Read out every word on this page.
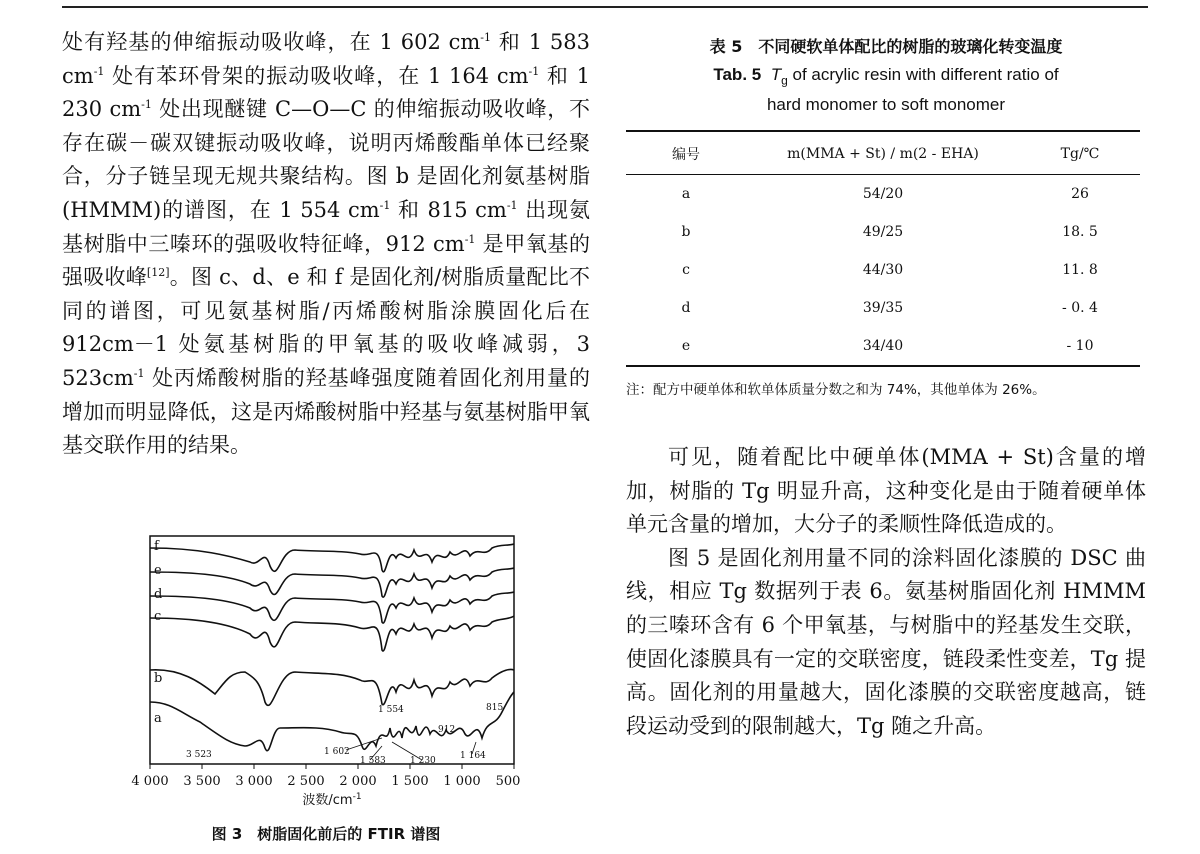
处有羟基的伸缩振动吸收峰，在 1 602 $cm^{-1}$ 和 1 583 $cm^{-1}$ 处有苯环骨架的振动吸收峰，在 1 164 $cm^{-1}$ 和 1 230 $cm^{-1}$ 处出现醚键 C—O—C 的伸缩振动吸收峰，不存在碳－碳双键振动吸收峰，说明丙烯酸酯单体已经聚合，分子链呈现无规共聚结构。图 b 是固化剂氨基树脂(HMMM)的谱图，在 1 554 $cm^{-1}$ 和 815 $cm^{-1}$ 出现氨基树脂中三嗪环的强吸收特征峰，912 $cm^{-1}$ 是甲氧基的强吸收峰[12]。图 c、d、e 和 f 是固化剂/树脂质量配比不同的谱图，可见氨基树脂/丙烯酸树脂涂膜固化后在 912cm－1 处氨基树脂的甲氧基的吸收峰减弱，3 $523cm^{-1}$ 处丙烯酸树脂的羟基峰强度随着固化剂用量的增加而明显降低，这是丙烯酸树脂中羟基与氨基树脂甲氧基交联作用的结果。

f
e
d
c
b
a
3 523	1 602
1 583	1 230	1 164
1 554
912
815
4 000 3 500 3 000 2 500 2 000 1 500 1 000 500
波数$/cm^{-1}$
图 3　树脂固化前后的 FTIR 谱图

表 5　不同硬软单体配比的树脂的玻璃化转变温度

Tab. 5 $T_g$ of acrylic resin with different ratio of

hard monomer to soft monomer

编号	m(MMA + St) / m(2 - EHA)	Tg/℃
a	54/20	26
b	49/25	18. 5
c	44/30	11. 8
d	39/35	- 0. 4
e	34/40	- 10

注：配方中硬单体和软单体质量分数之和为 74%，其他单体为 26%。

可见，随着配比中硬单体(MMA + St)含量的增加，树脂的 Tg 明显升高，这种变化是由于随着硬单体单元含量的增加，大分子的柔顺性降低造成的。

图 5 是固化剂用量不同的涂料固化漆膜的 DSC 曲线，相应 Tg 数据列于表 6。氨基树脂固化剂 HMMM 的三嗪环含有 6 个甲氧基，与树脂中的羟基发生交联，使固化漆膜具有一定的交联密度，链段柔性变差，Tg 提高。固化剂的用量越大，固化漆膜的交联密度越高，链段运动受到的限制越大，Tg 随之升高。
